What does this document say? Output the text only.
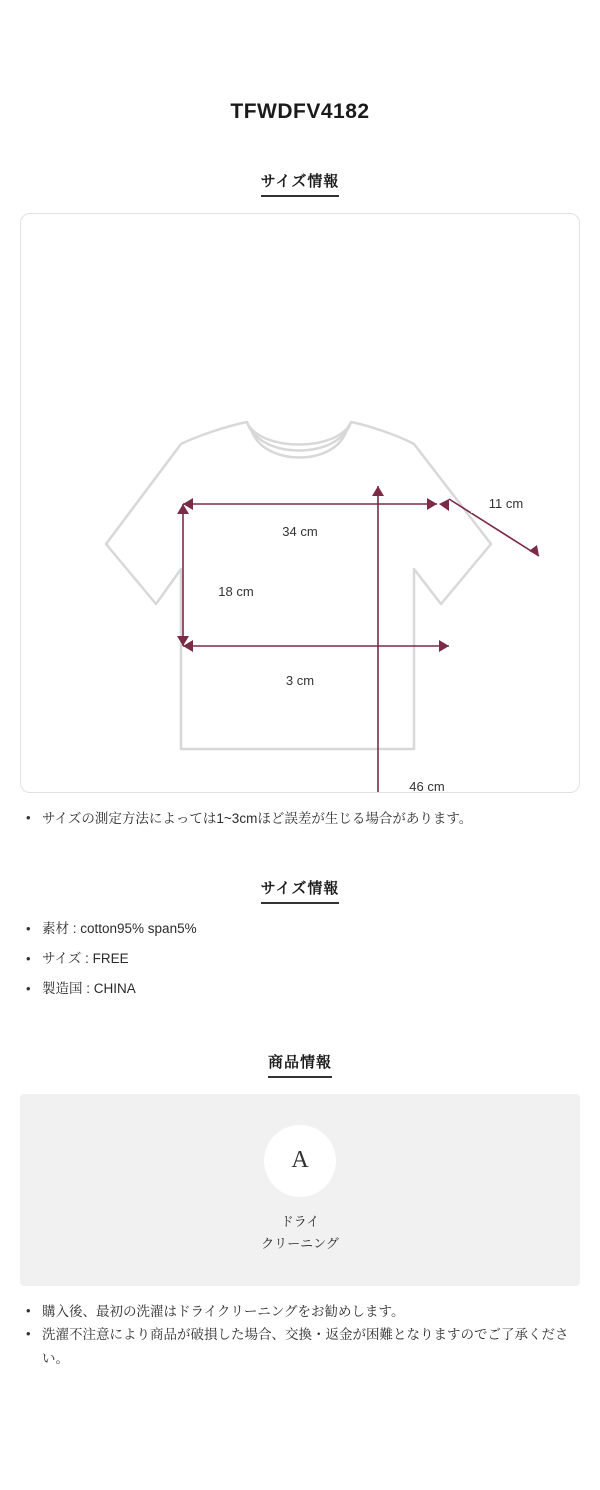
TFWDFV4182
サイズ情報
34 cm
11 cm
18 cm
3 cm
46 cm
• サイズの測定方法によっては1~3cmほど誤差が生じる場合があります。
サイズ情報
• 素材 : cotton95% span5%
• サイズ : FREE
• 製造国 : CHINA
商品情報
A
ドライ
クリーニング
• 購入後、最初の洗濯はドライクリーニングをお勧めします。
• 洗濯不注意により商品が破損した場合、交換・返金が困難となりますのでご了承ください。
